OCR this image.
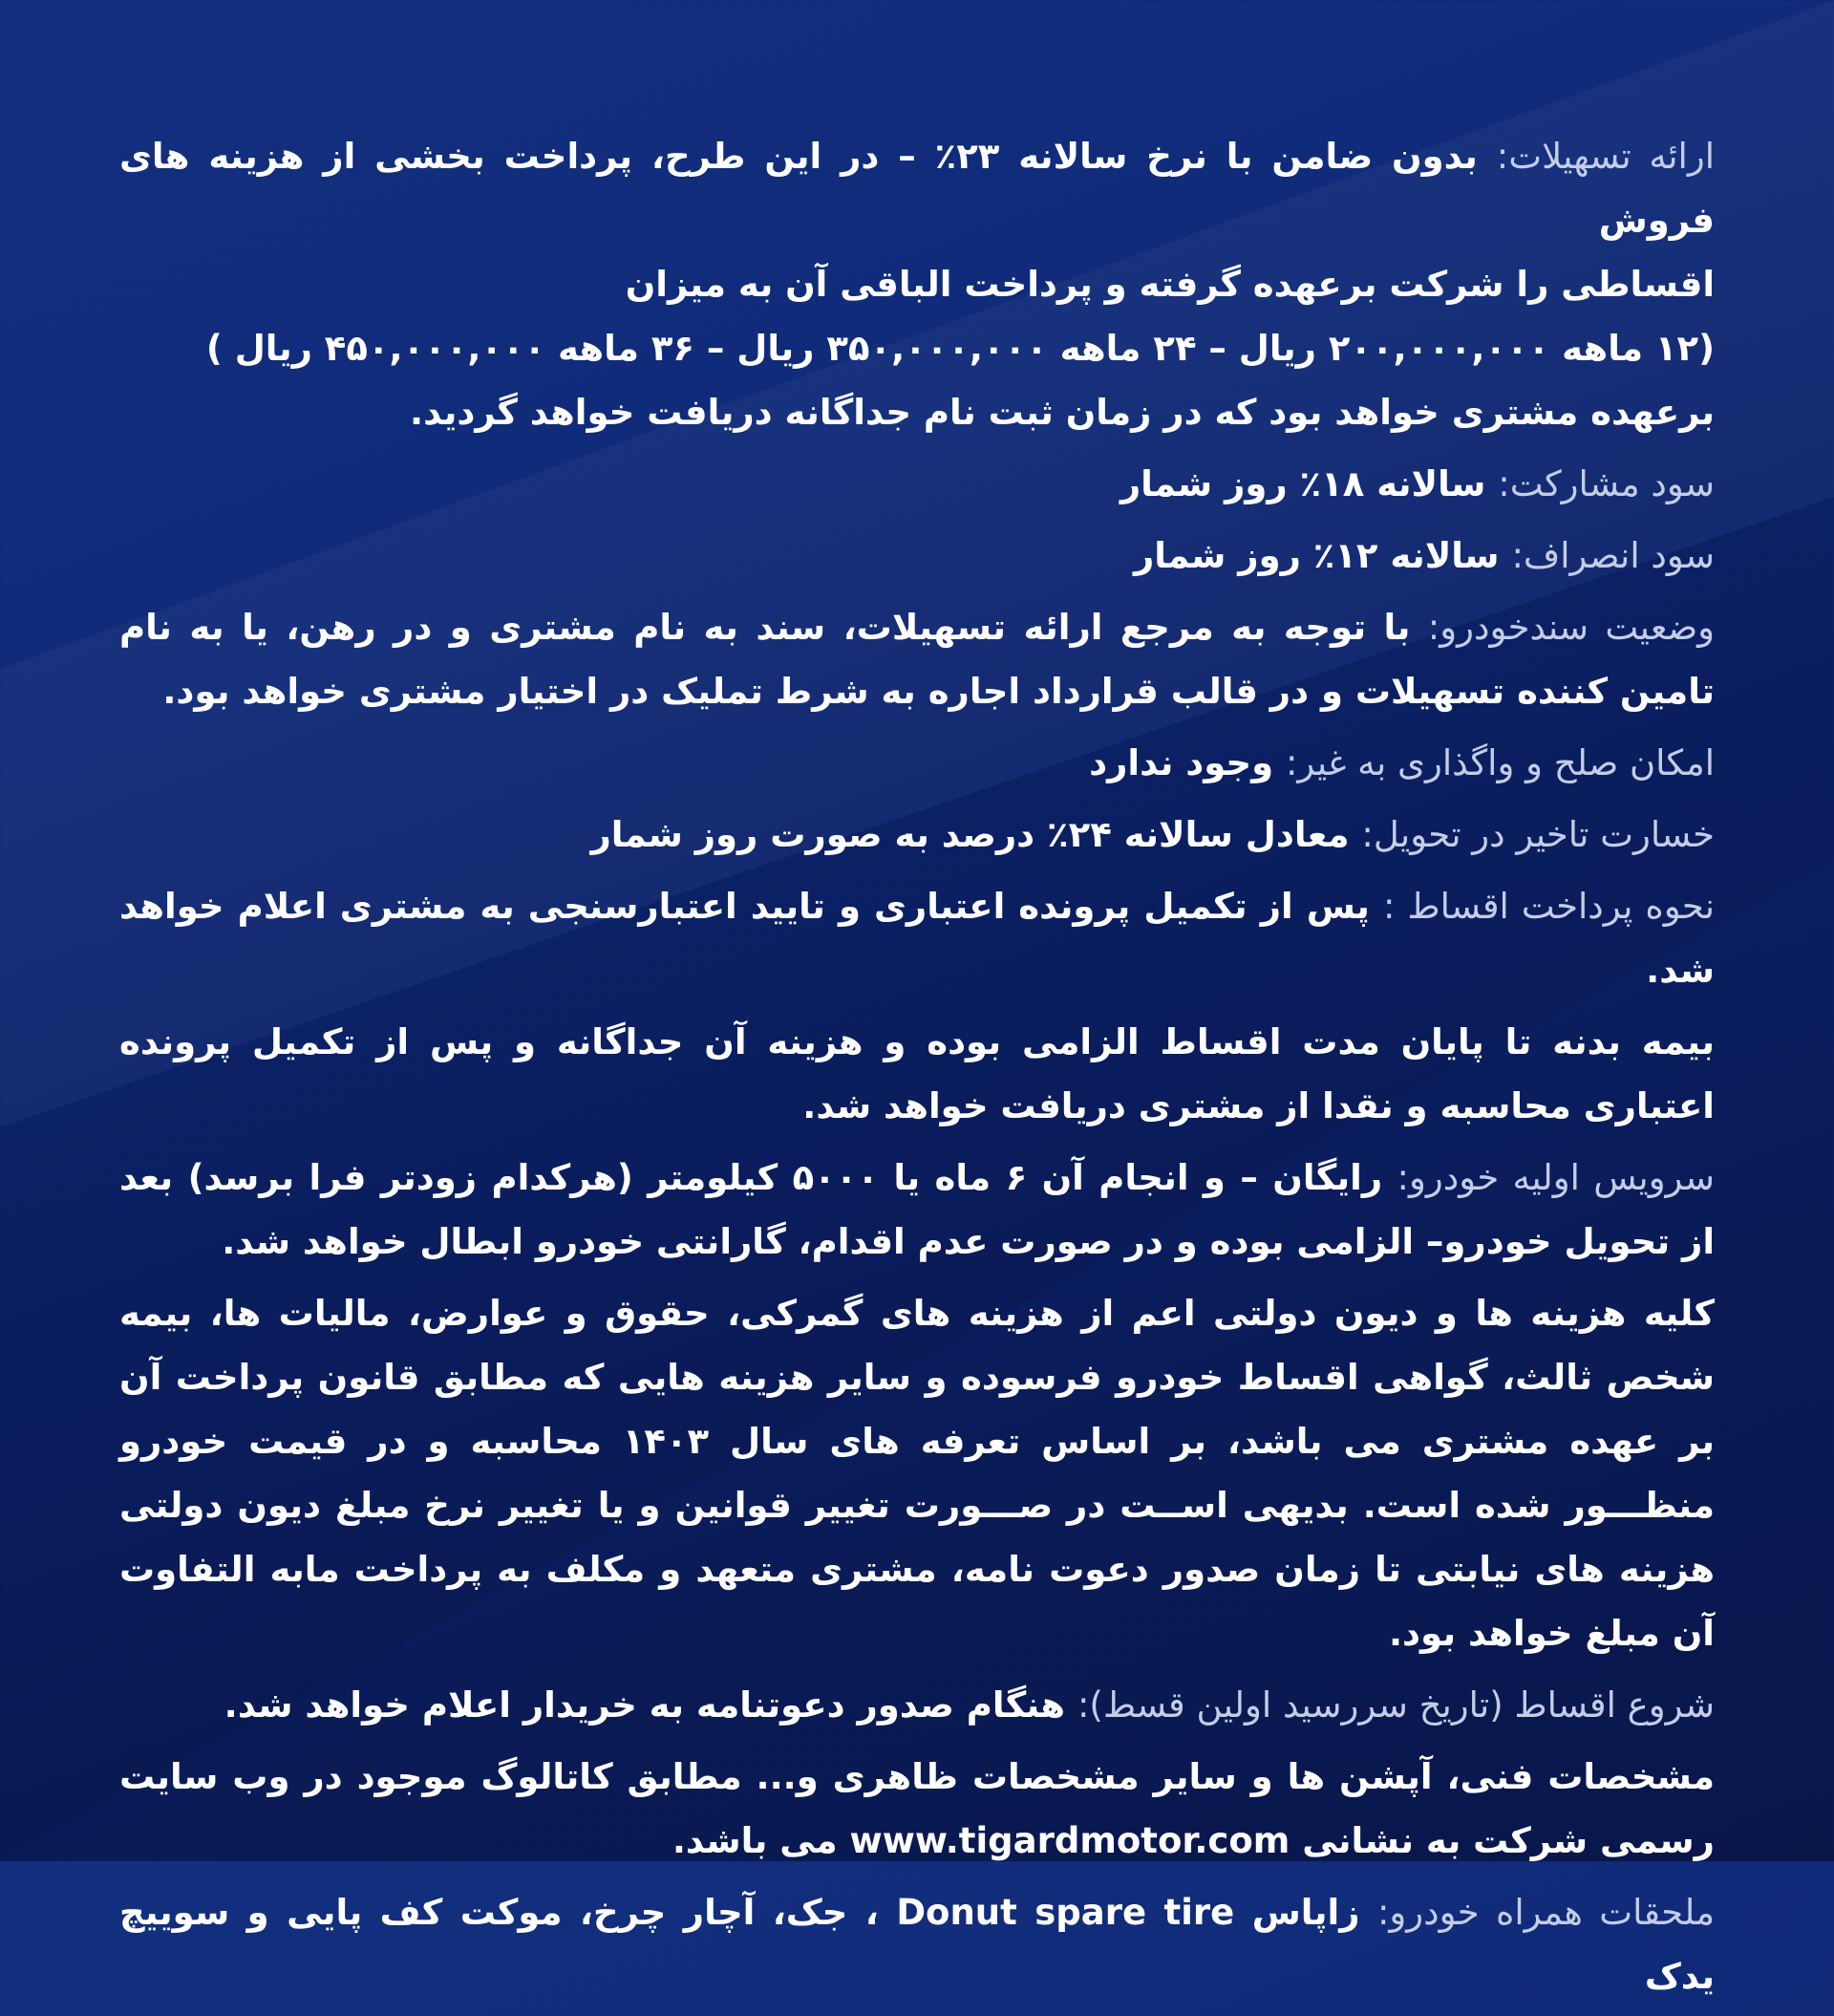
ارائه تسهیلات: بدون ضامن با نرخ سالانه ۲۳٪ – در این طرح، پرداخت بخشی از هزینه های فروش
اقساطی را شرکت برعهده گرفته و پرداخت الباقی آن به میزان
(۱۲ ماهه ۲۰۰,۰۰۰,۰۰۰ ریال – ۲۴ ماهه ۳۵۰,۰۰۰,۰۰۰ ریال – ۳۶ ماهه ۴۵۰,۰۰۰,۰۰۰ ریال )
برعهده مشتری خواهد بود که در زمان ثبت نام جداگانه دریافت خواهد گردید.
سود مشارکت: سالانه ۱۸٪ روز شمار
سود انصراف: سالانه ۱۲٪ روز شمار
وضعیت سندخودرو: با توجه به مرجع ارائه تسهیلات، سند به نام مشتری و در رهن، یا به نام تامین کننده تسهیلات و در قالب قرارداد اجاره به شرط تملیک در اختیار مشتری خواهد بود.
امکان صلح و واگذاری به غیر: وجود ندارد
خسارت تاخیر در تحویل: معادل سالانه ۲۴٪ درصد به صورت روز شمار
نحوه پرداخت اقساط : پس از تکمیل پرونده اعتباری و تایید اعتبارسنجی به مشتری اعلام خواهد شد.
بیمه بدنه تا پایان مدت اقساط الزامی بوده و هزینه آن جداگانه و پس از تکمیل پرونده اعتباری محاسبه و نقدا از مشتری دریافت خواهد شد.
سرویس اولیه خودرو: رایگان – و انجام آن ۶ ماه یا ۵۰۰۰ کیلومتر (هرکدام زودتر فرا برسد) بعد از تحویل خودرو– الزامی بوده و در صورت عدم اقدام، گارانتی خودرو ابطال خواهد شد.
کلیه هزینه ها و دیون دولتی اعم از هزینه های گمرکی، حقوق و عوارض، مالیات ها، بیمه شخص ثالث، گواهی اقساط خودرو فرسوده و سایر هزینه هایی که مطابق قانون پرداخت آن بر عهده مشتری می باشد، بر اساس تعرفه های سال ۱۴۰۳ محاسبه و در قیمت خودرو منظـــور شده است. بدیهی اســت در صـــورت تغییر قوانین و یا تغییر نرخ مبلغ دیون دولتی هزینه های نیابتی تا زمان صدور دعوت نامه، مشتری متعهد و مکلف به پرداخت مابه التفاوت آن مبلغ خواهد بود.
شروع اقساط (تاریخ سررسید اولین قسط): هنگام صدور دعوتنامه به خریدار اعلام خواهد شد.
مشخصات فنی، آپشن ها و سایر مشخصات ظاهری و... مطابق کاتالوگ موجود در وب سایت رسمی شرکت به نشانی www.tigardmotor.com می باشد.
ملحقات همراه خودرو: زاپاس Donut spare tire ، جک، آچار چرخ، موکت کف پایی و سوییچ یدک
